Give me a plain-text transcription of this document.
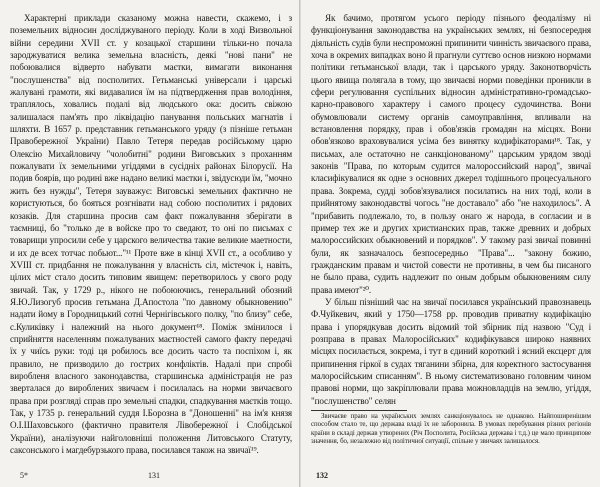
Характерні приклади сказаному можна навести, скажемо, і з поземельних відносин досліджуваного періоду. Коли в ході Визвольної війни середини XVII ст. у козацької старшини тільки-но почала зароджуватися велика земельна власність, деякі "нові пани" не побоювалися відверто набувати маєтки, вимагати виконання "послушенства" від посполитих. Гетьманські універсали і царські жалувані грамоти, які видавалися їм на підтвердження прав володіння, траплялось, ховались подалі від людського ока: досить свіжою залишалася пам'ять про ліквідацію панування польських магнатів і шляхти. В 1657 р. представник гетьманського уряду (з пізніше гетьман Правобережної України) Павло Тетеря передав російському царю Олексію Михайловичу "чолобитні" родини Виговських з проханням пожалувати їх земельними угіддями в сусідніх районах Білорусії. На подив боярів, що родині вже надано великі маєтки і, звідусюди їм, "мочно жить без нужды", Тетеря зауважує: Виговські земельних фактично не користуються, бо бояться розгнівати над собою посполитих і рядових козаків. Для старшина просив сам факт пожалування зберігати в таємниці, бо "только де в войске про то сведают, то оні по письмах с товарищи упросили себе у царского величества такие великие маетности, и их де всех тотчас побьют..."¹¹ Проте вже в кінці XVII ст., а особливо у XVIII ст. придбання не пожалування у власність сіл, містечок і, навіть, цілих міст стало досить типовим явищем: перетворилось у свого роду звичай. Так, у 1729 р., нікого не побоюючись, генеральний обозний Я.Ю.Лизогуб просив гетьмана Д.Апостола "по давному обыкновению" надати йому в Городницький сотні Чернігівського полку, "по близу" себе, с.Куликівку і належний на нього документ¹⁸. Поміж змінилося і сприйняття населенням пожалуваних маєтностей самого факту передачі їх у чиїсь руки: тоді ця робилось все досить часто та поспіхом і, як правило, не призводило до гострих конфліктів. Надалі при спробі виробленя власного законодавства, старшинська адміністрація не раз зверталася до вироблених звичаєм і посилалась на норми звичаєвого права при розгляді справ про земельні спадки, спадкування маєтків тощо. Так, у 1735 р. генеральний суддя І.Борозна в "Доношенні" на ім'я князя О.І.Шаховського (фактично правителя Лівобережної і Слобідської України), аналізуючи найголовніші положення Литовського Статуту, саксонського і магдебурзького права, посилався також на звичаї¹⁹.

Як бачимо, протягом усього періоду пізнього феодалізму ні функціонування законодавства на українських землях, ні безпосередня діяльність судів були неспроможні припинити чинність звичаєвого права, хоча в окремих випадках воно й прагнули суттєво основ низкою нормами політики гетьманської влади, так і царського уряду. Законотворчість цього явища полягала в тому, що звичаєві норми поведінки проникли в сфери регулювання суспільних відносин адміністративно-громадсько-карно-правового характеру і самого процесу судочинства. Вони обумовлювали систему органів самоуправління, впливали на встановлення порядку, прав і обов'язків громадян на місцях. Вони обов'язково враховувалися усіма без винятку кодифікаторами¹⁸. Так, у письмах, але остаточно не санкціонованому" царським урядом зводі законів "Права, по которым судится малороссийский народ", звичаї класифікувалися як одне з основних джерел тодішнього процесуального права. Зокрема, судді зобов'язувалися посилатись на них тоді, коли в прийнятому законодавстві чогось "не доставало" або "не находилось". А "прибавить подлежало, то, в пользу онаго ж народа, в согласии и в пример тех же и других христианских прав, также древних и добрых малороссийских обыкновений и порядков". У такому разі звичаї повинні були, як зазначалось безпосередньо "Права"... "закону божию, гражданским правам и чистой совести не противны, в чем бы писаного не было права, судить надлежит по оным добрым обыкновениям силу права имеют"²⁰.

У більш пізніший час на звичаї посилався український правознавець Ф.Чуйкевич, який у 1750—1758 рр. проводив приватну кодифікацію права і упорядкував досить відомий той збірник під назвою "Суд і розправа в правах Малоросійських" кодифікувався широко наявних місцях посилається, зокрема, і тут в єдиний короткий і ясний ексцерт для припинення гіркої в судах тяганини збірна, для коректного застосування малоросійським списанням". В ньому систематизовано головним чином правові норми, що закріплювали права можновладців на землю, угіддя, "послушенство" селян

Звичаєве право на українських землях санкціонувалось не однаково. Найпоширенішим способом стало те, що держава владі їх не заборонила. В умовах перебування різних регіонів країни в складі держав утворених (Річ Посполита, Російська держава і т.д.) це мало принципове значення, бо, незалежно від політичної ситуації, спільне у звичаях залишалося.

5*	131	132
